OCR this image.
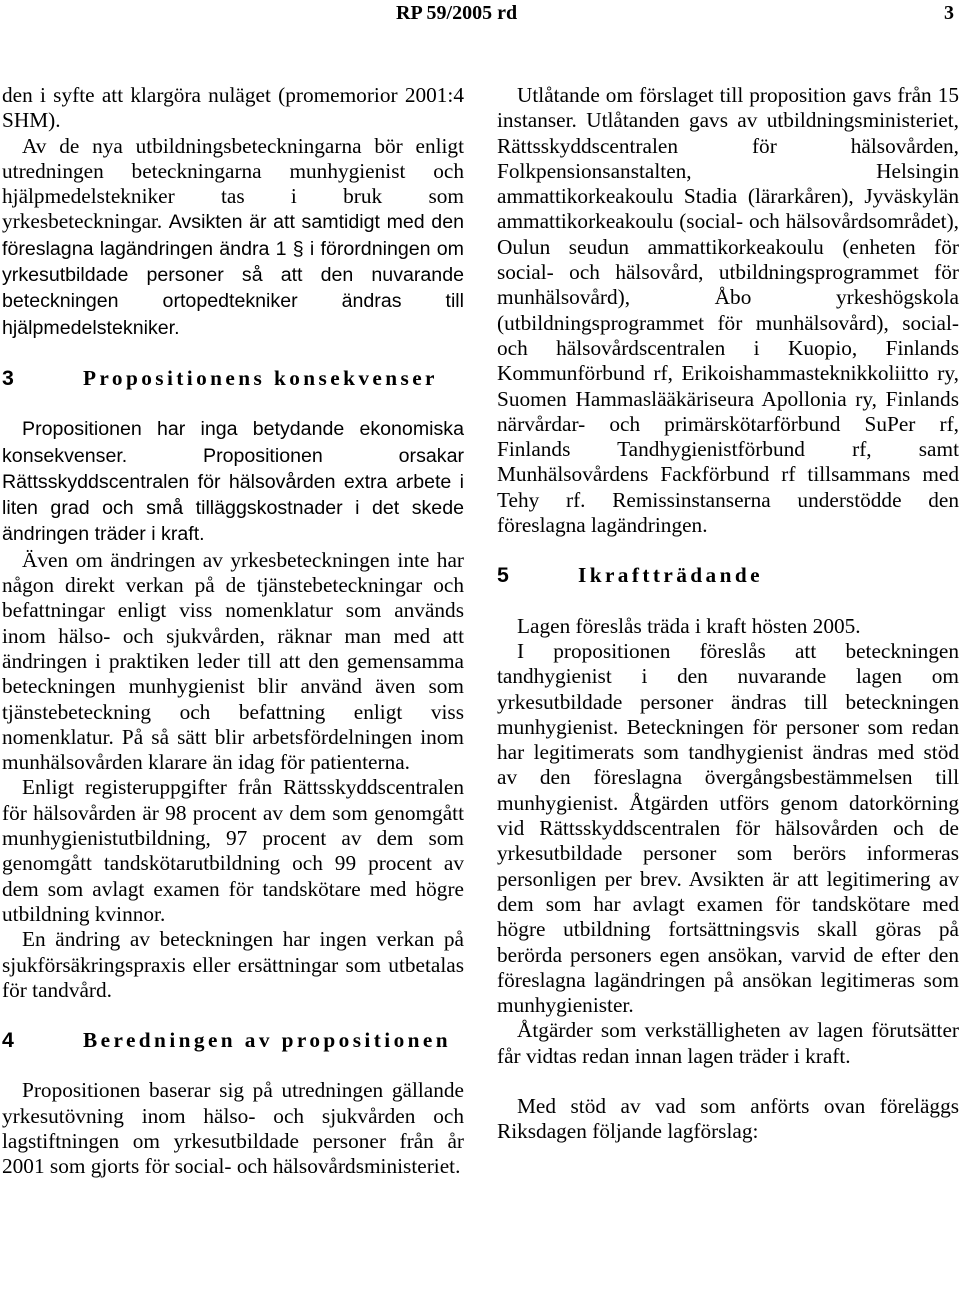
RP 59/2005 rd	3

den i syfte att klargöra nuläget (promemorior 2001:4 SHM).

Av de nya utbildningsbeteckningarna bör enligt utredningen beteckningarna munhygienist och hjälpmedelstekniker tas i bruk som yrkesbeteckningar. Avsikten är att samtidigt med den föreslagna lagändringen ändra 1 § i förordningen om yrkesutbildade personer så att den nuvarande beteckningen ortopedtekniker ändras till hjälpmedelstekniker.

3	Propositionens konsekvenser

Propositionen har inga betydande ekonomiska konsekvenser.	Propositionen orsakar Rättsskyddscentralen för hälsovården extra arbete i liten grad och små tilläggskostnader i det skede ändringen träder i kraft.

Även om ändringen av yrkesbeteckningen inte har någon direkt verkan på de tjänstebeteckningar och befattningar enligt viss nomenklatur som används inom hälso- och sjukvården, räknar man med att ändringen i praktiken leder till att den gemensamma beteckningen munhygienist blir använd även som tjänstebeteckning och befattning enligt viss nomenklatur. På så sätt blir arbetsfördelningen inom munhälsovården klarare än idag för patienterna.

Enligt registeruppgifter från Rättsskyddscentralen för hälsovården är 98 procent av dem som genomgått munhygienistutbildning, 97 procent av dem som genomgått tandskötarutbildning och 99 procent av dem som avlagt examen för tandskötare med högre utbildning kvinnor.

En ändring av beteckningen har ingen verkan på sjukförsäkringspraxis eller ersättningar som utbetalas för tandvård.

4	Beredningen av propositionen

Propositionen baserar sig på utredningen gällande yrkesutövning inom hälso- och sjukvården och lagstiftningen om yrkesutbildade personer från år 2001 som gjorts för social- och hälsovårdsministeriet.

Utlåtande om förslaget till proposition gavs från 15 instanser. Utlåtanden gavs av utbildningsministeriet, Rättsskyddscentralen för hälsovården, Folkpensionsanstalten, Helsingin ammattikorkeakoulu Stadia (lärarkåren), Jyväskylän ammattikorkeakoulu (social- och hälsovårdsområdet), Oulun seudun ammattikorkeakoulu (enheten för social- och hälsovård, utbildningsprogrammet för munhälsovård), Åbo yrkeshögskola (utbildningsprogrammet för munhälsovård), social- och hälsovårdscentralen i Kuopio, Finlands Kommunförbund rf, Erikoishammasteknikkoliitto ry, Suomen Hammaslääkäriseura Apollonia ry, Finlands närvårdar- och primärskötarförbund SuPer rf, Finlands Tandhygienistförbund rf, samt Munhälsovårdens Fackförbund rf tillsammans med Tehy rf. Remissinstanserna understödde den föreslagna lagändringen.

5	Ikraftträdande

Lagen föreslås träda i kraft hösten 2005.

I propositionen föreslås att beteckningen tandhygienist i den nuvarande lagen om yrkesutbildade personer ändras till beteckningen munhygienist. Beteckningen för personer som redan har legitimerats som tandhygienist ändras med stöd av den föreslagna övergångsbestämmelsen till munhygienist. Åtgärden utförs genom datorkörning vid Rättsskyddscentralen för hälsovården och de yrkesutbildade personer som berörs informeras personligen per brev. Avsikten är att legitimering av dem som har avlagt examen för tandskötare med högre utbildning fortsättningsvis skall göras på berörda personers egen ansökan, varvid de efter den föreslagna lagändringen på ansökan legitimeras som munhygienister.

Åtgärder som verkställigheten av lagen förutsätter får vidtas redan innan lagen träder i kraft.

Med stöd av vad som anförts ovan föreläggs Riksdagen följande lagförslag:
